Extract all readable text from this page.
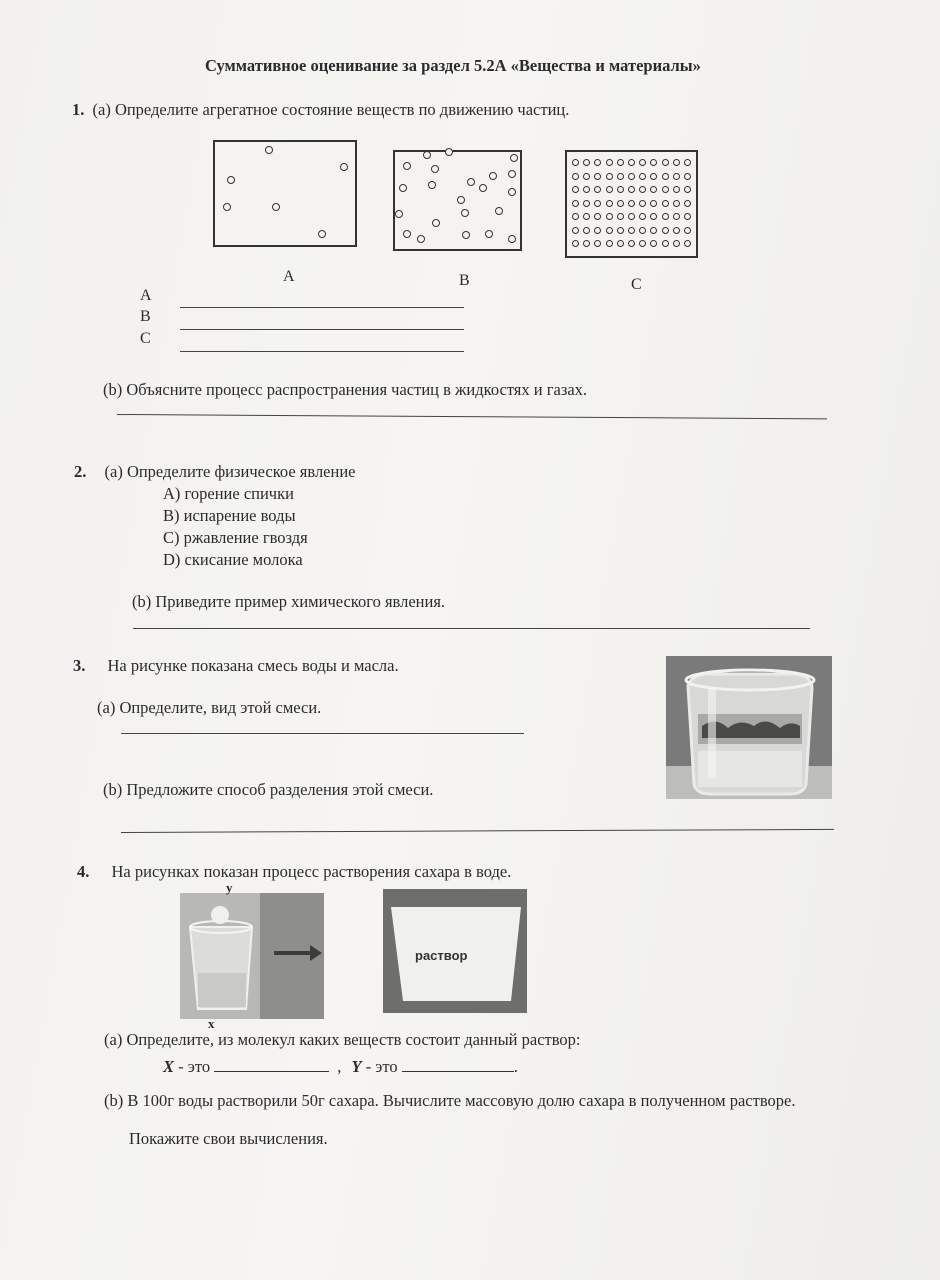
Суммативное оценивание за раздел 5.2А «Вещества и материалы»
1. (а) Определите агрегатное состояние веществ по движению частиц.
A	B	C
A
B
C
(b) Объясните процесс распространения частиц в жидкостях и газах.
2. (а) Определите физическое явление
A) горение спички
B) испарение воды
C) ржавление гвоздя
D) скисание молока
(b) Приведите пример химического явления.
3. На рисунке показана смесь воды и масла.
(а) Определите, вид этой смеси.
(b) Предложите способ разделения этой смеси.
4. На рисунках показан процесс растворения сахара в воде.
y
x
раствор
(а) Определите, из молекул каких веществ состоит данный раствор:
X - это	, Y - это	.
(b) В 100г воды растворили 50г сахара. Вычислите массовую долю сахара в полученном растворе.
Покажите свои вычисления.
